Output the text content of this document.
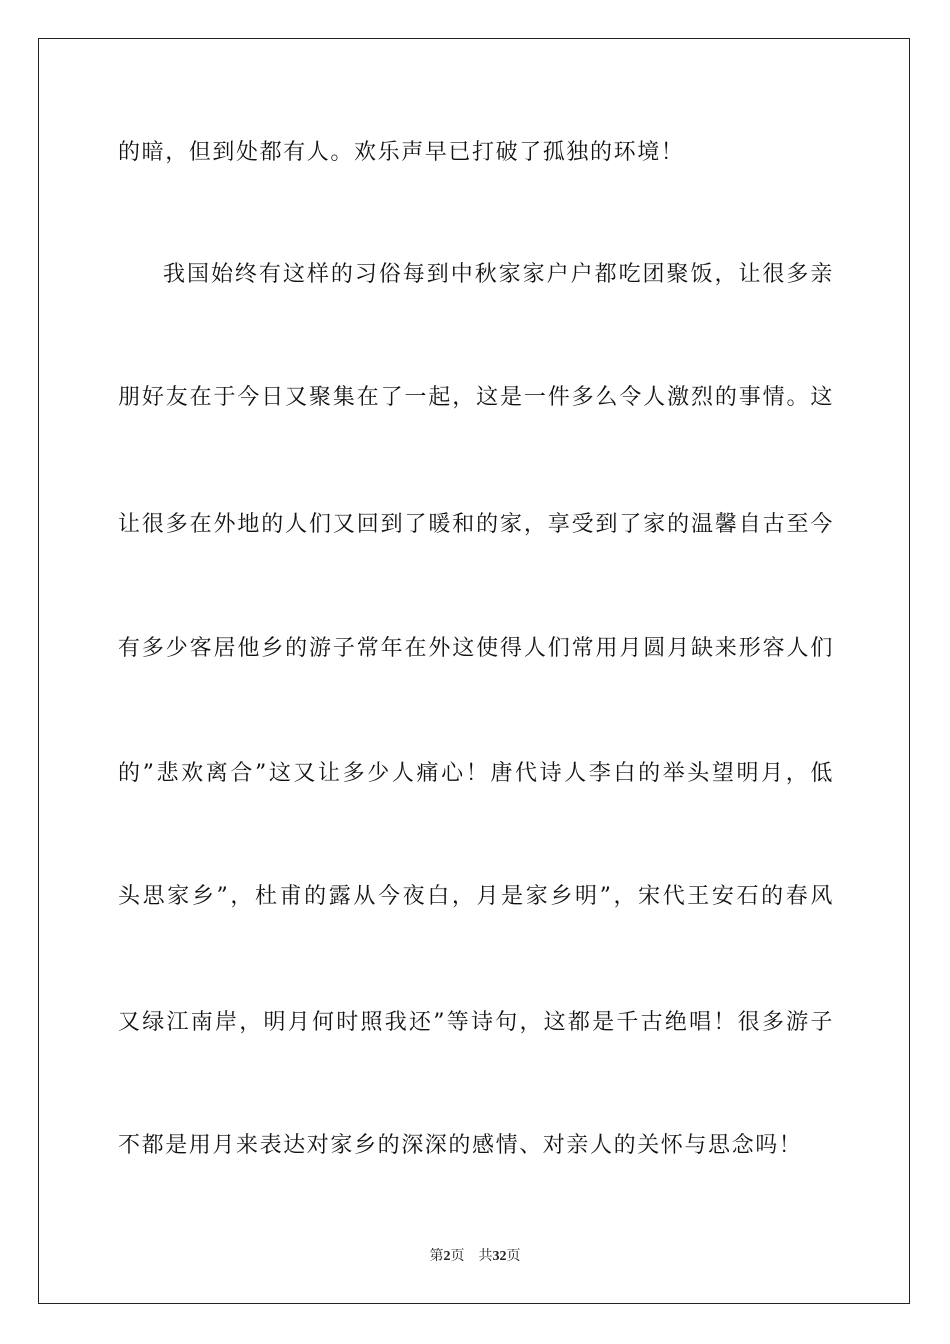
的暗，但到处都有人。欢乐声早已打破了孤独的环境！
我国始终有这样的习俗每到中秋家家户户都吃团聚饭，让很多亲
朋好友在于今日又聚集在了一起，这是一件多么令人激烈的事情。这
让很多在外地的人们又回到了暖和的家，享受到了家的温馨自古至今
有多少客居他乡的游子常年在外这使得人们常用月圆月缺来形容人们
的”悲欢离合”这又让多少人痛心！唐代诗人李白的举头望明月，低
头思家乡”，杜甫的露从今夜白，月是家乡明”，宋代王安石的春风
又绿江南岸，明月何时照我还”等诗句，这都是千古绝唱！很多游子
不都是用月来表达对家乡的深深的感情、对亲人的关怀与思念吗！
第2页 共32页
